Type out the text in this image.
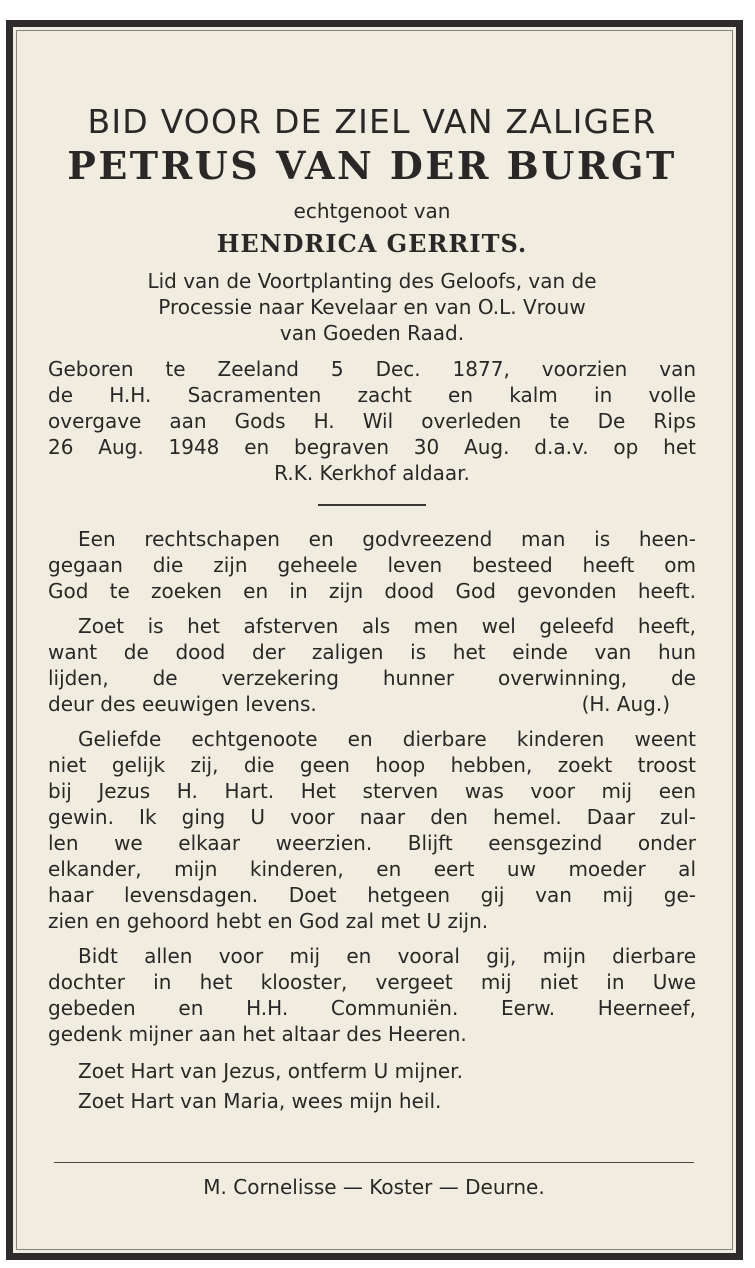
BID VOOR DE ZIEL VAN ZALIGER
PETRUS VAN DER BURGT
echtgenoot van
HENDRICA GERRITS.
Lid van de Voortplanting des Geloofs, van de
Processie naar Kevelaar en van O.L. Vrouw
van Goeden Raad.
Geboren te Zeeland 5 Dec. 1877, voorzien van
de H.H. Sacramenten zacht en kalm in volle
overgave aan Gods H. Wil overleden te De Rips
26 Aug. 1948 en begraven 30 Aug. d.a.v. op het
R.K. Kerkhof aldaar.
Een rechtschapen en godvreezend man is heen-
gegaan die zijn geheele leven besteed heeft om
God te zoeken en in zijn dood God gevonden heeft.
Zoet is het afsterven als men wel geleefd heeft,
want de dood der zaligen is het einde van hun
lijden, de verzekering hunner overwinning, de
deur des eeuwigen levens.	(H. Aug.)
Geliefde echtgenoote en dierbare kinderen weent
niet gelijk zij, die geen hoop hebben, zoekt troost
bij Jezus H. Hart. Het sterven was voor mij een
gewin. Ik ging U voor naar den hemel. Daar zul-
len we elkaar weerzien. Blijft eensgezind onder
elkander, mijn kinderen, en eert uw moeder al
haar levensdagen. Doet hetgeen gij van mij ge-
zien en gehoord hebt en God zal met U zijn.
Bidt allen voor mij en vooral gij, mijn dierbare
dochter in het klooster, vergeet mij niet in Uwe
gebeden en H.H. Communiën. Eerw. Heerneef,
gedenk mijner aan het altaar des Heeren.
Zoet Hart van Jezus, ontferm U mijner.
Zoet Hart van Maria, wees mijn heil.
M. Cornelisse — Koster — Deurne.
